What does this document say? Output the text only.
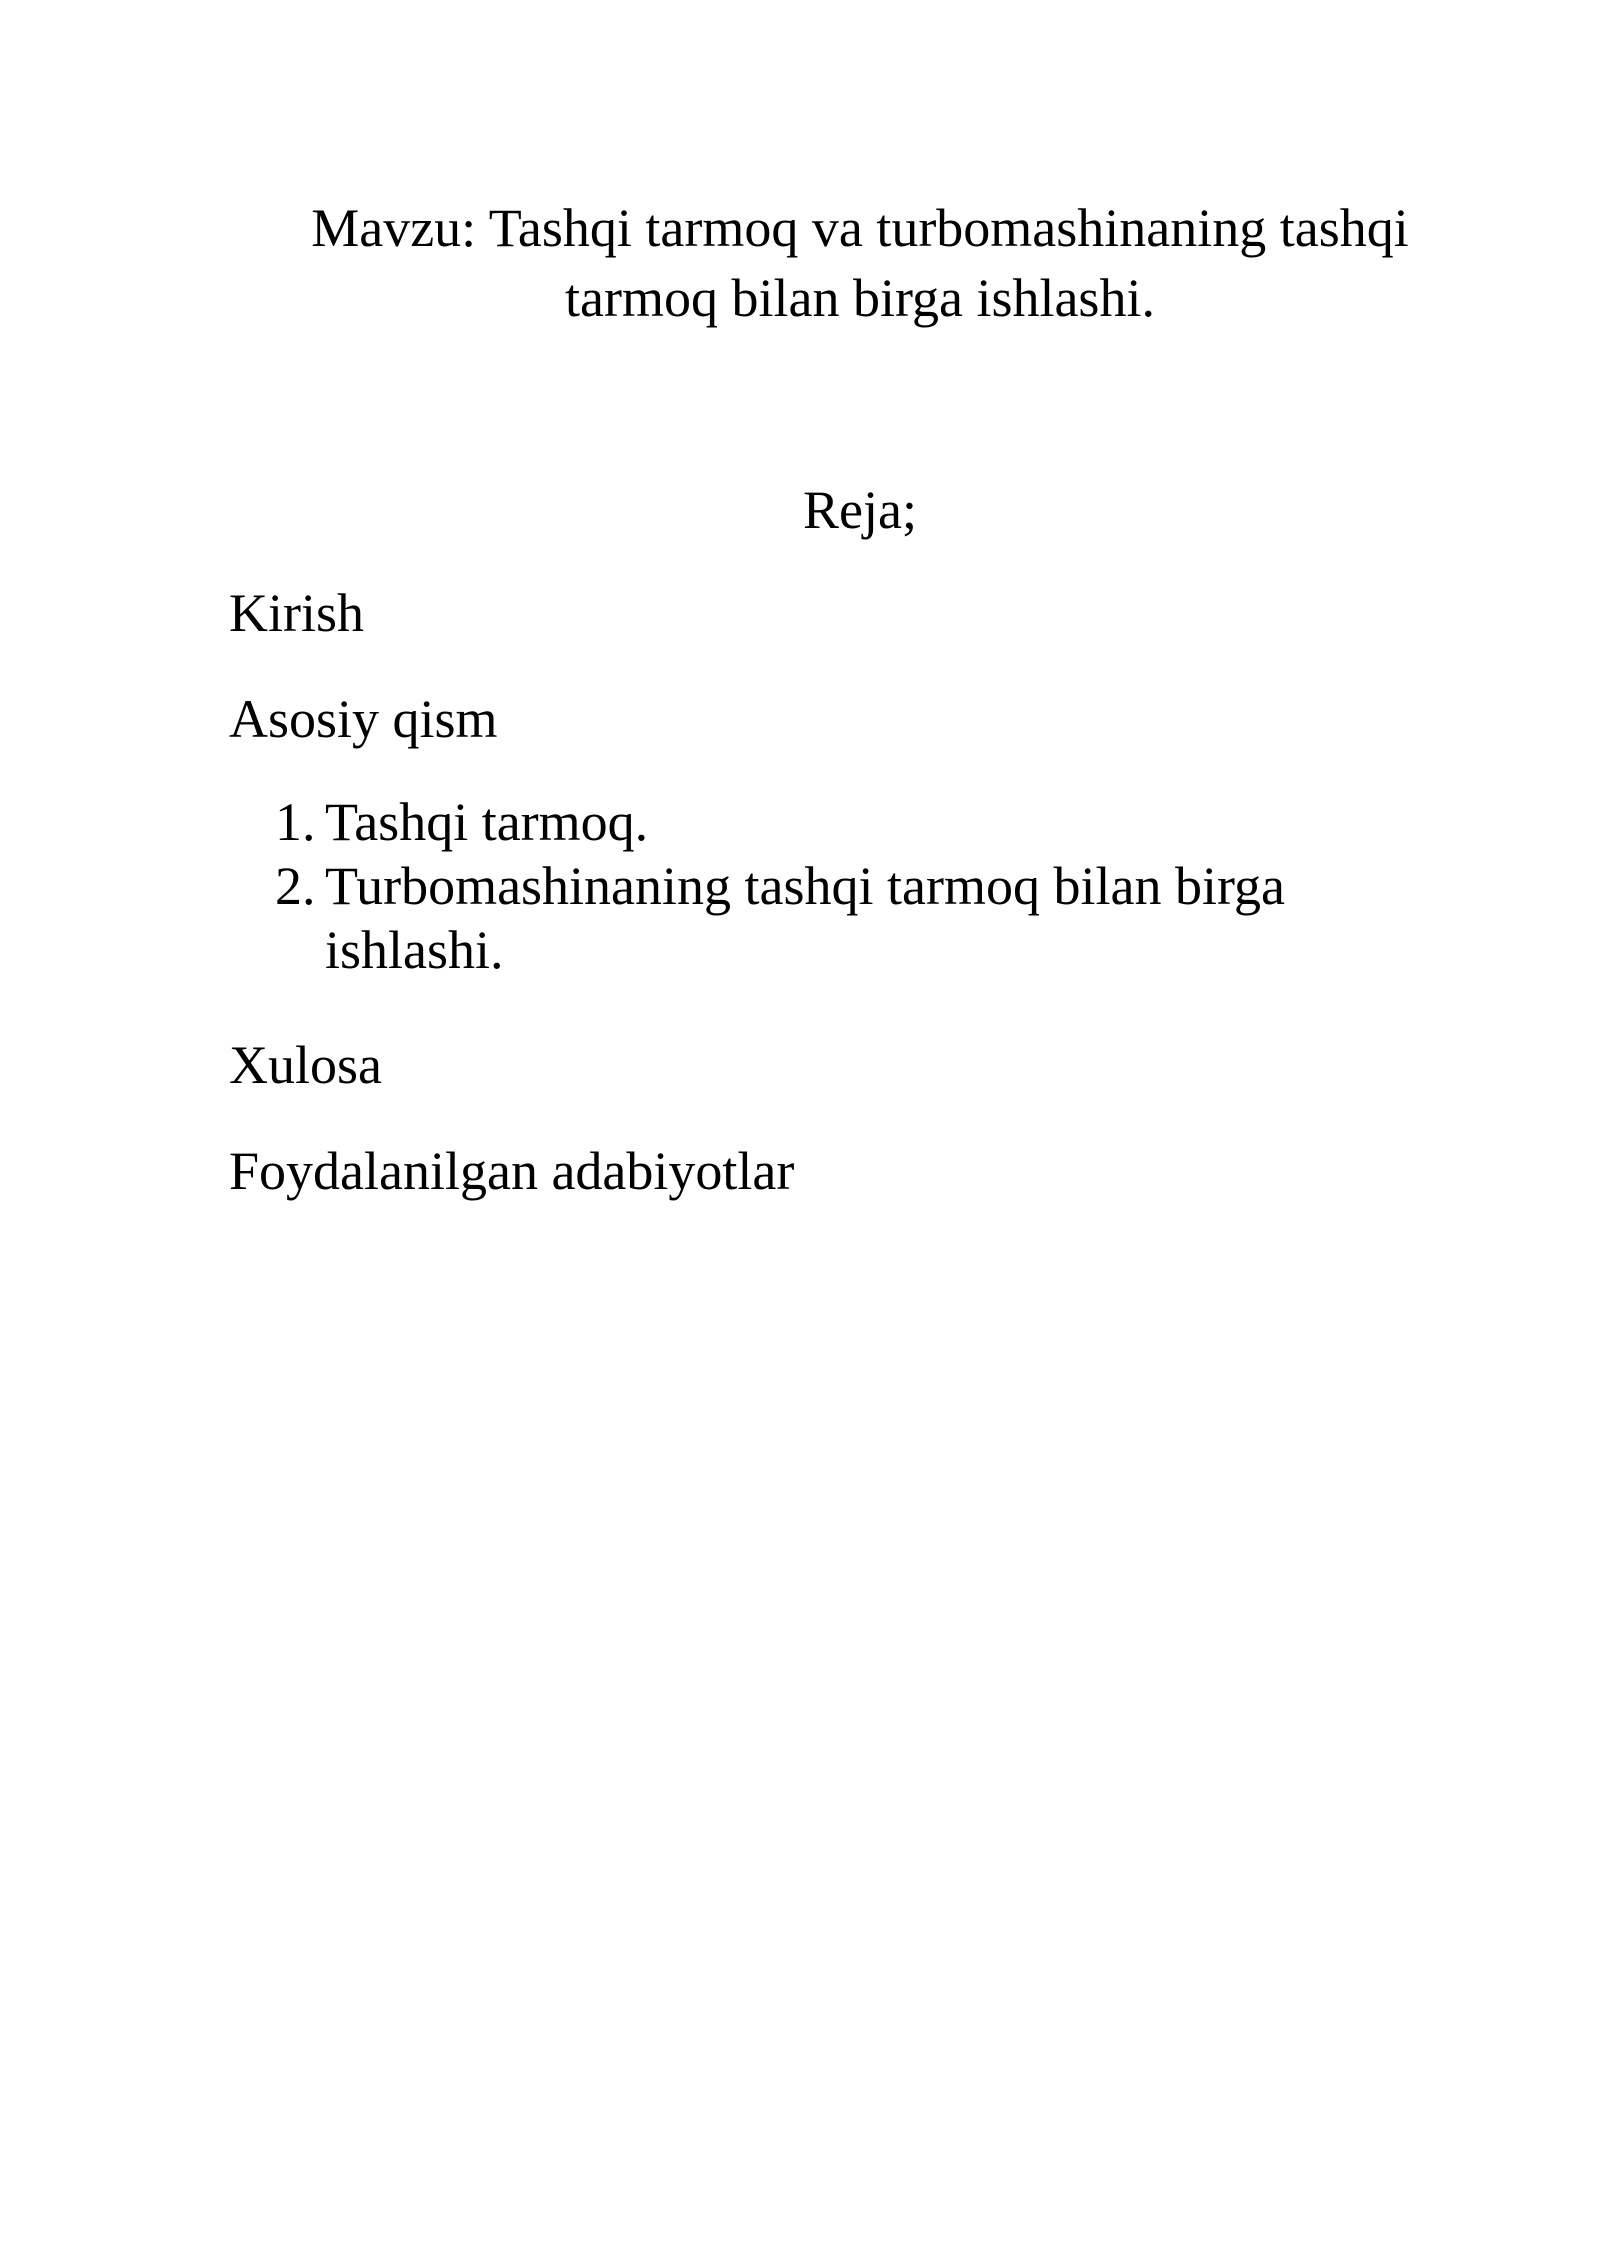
Mavzu: Tashqi tarmoq va turbomashinaning tashqi
tarmoq bilan birga ishlashi.
Reja;

Kirish

Asosiy qism

1. Tashqi tarmoq.
2. Turbomashinaning tashqi tarmoq bilan birga ishlashi.

Xulosa

Foydalanilgan adabiyotlar
